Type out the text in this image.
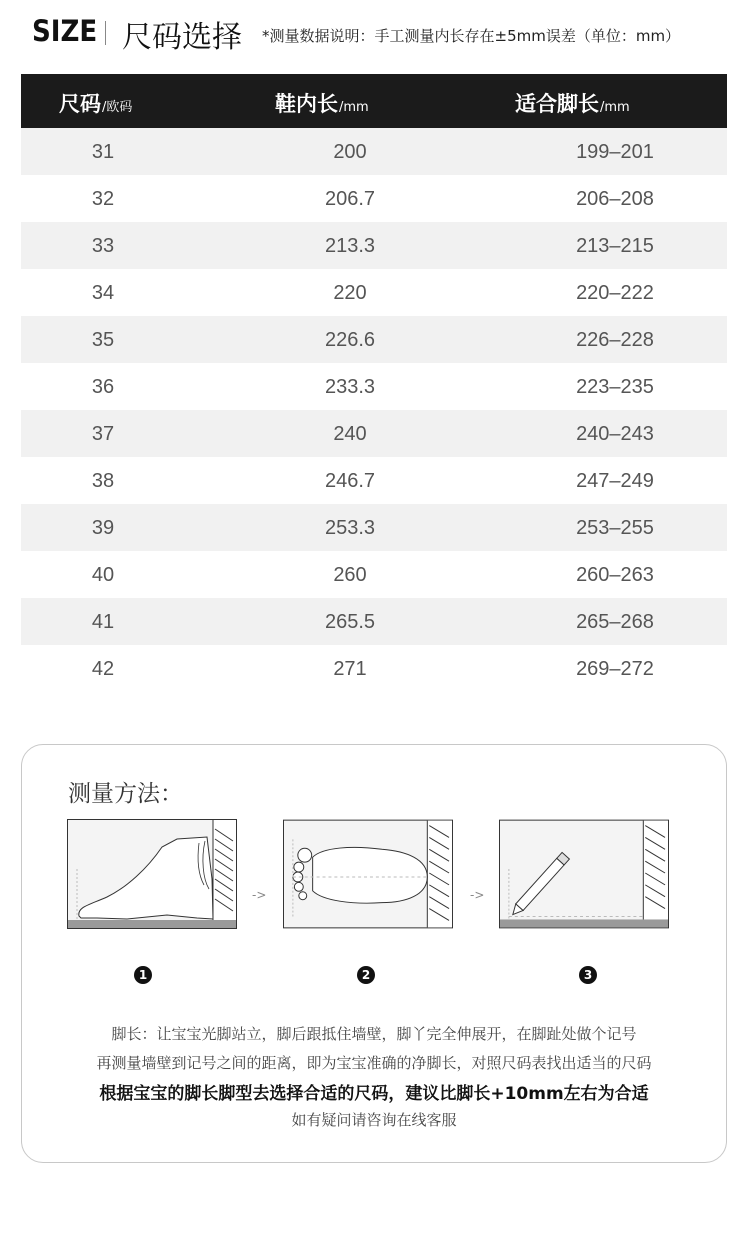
SIZE 尺码选择 *测量数据说明：手工测量内长存在±5mm误差（单位：mm）
尺码/欧码	鞋内长/mm	适合脚长/mm
31	200	199–201
32	206.7	206–208
33	213.3	213–215
34	220	220–222
35	226.6	226–228
36	233.3	223–235
37	240	240–243
38	246.7	247–249
39	253.3	253–255
40	260	260–263
41	265.5	265–268
42	271	269–272
测量方法：
->	->
1	2	3
脚长：让宝宝光脚站立，脚后跟抵住墙壁，脚丫完全伸展开，在脚趾处做个记号
再测量墙壁到记号之间的距离，即为宝宝准确的净脚长，对照尺码表找出适当的尺码
根据宝宝的脚长脚型去选择合适的尺码，建议比脚长+10mm左右为合适
如有疑问请咨询在线客服
